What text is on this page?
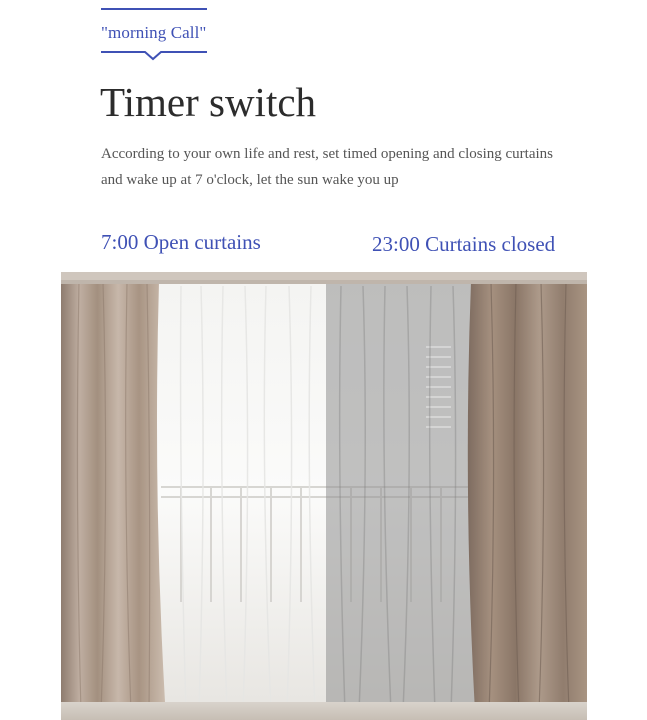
"morning Call"
Timer switch

According to your own life and rest, set timed opening and closing curtains and wake up at 7 o'clock, let the sun wake you up

7:00 Open curtains	23:00 Curtains closed
